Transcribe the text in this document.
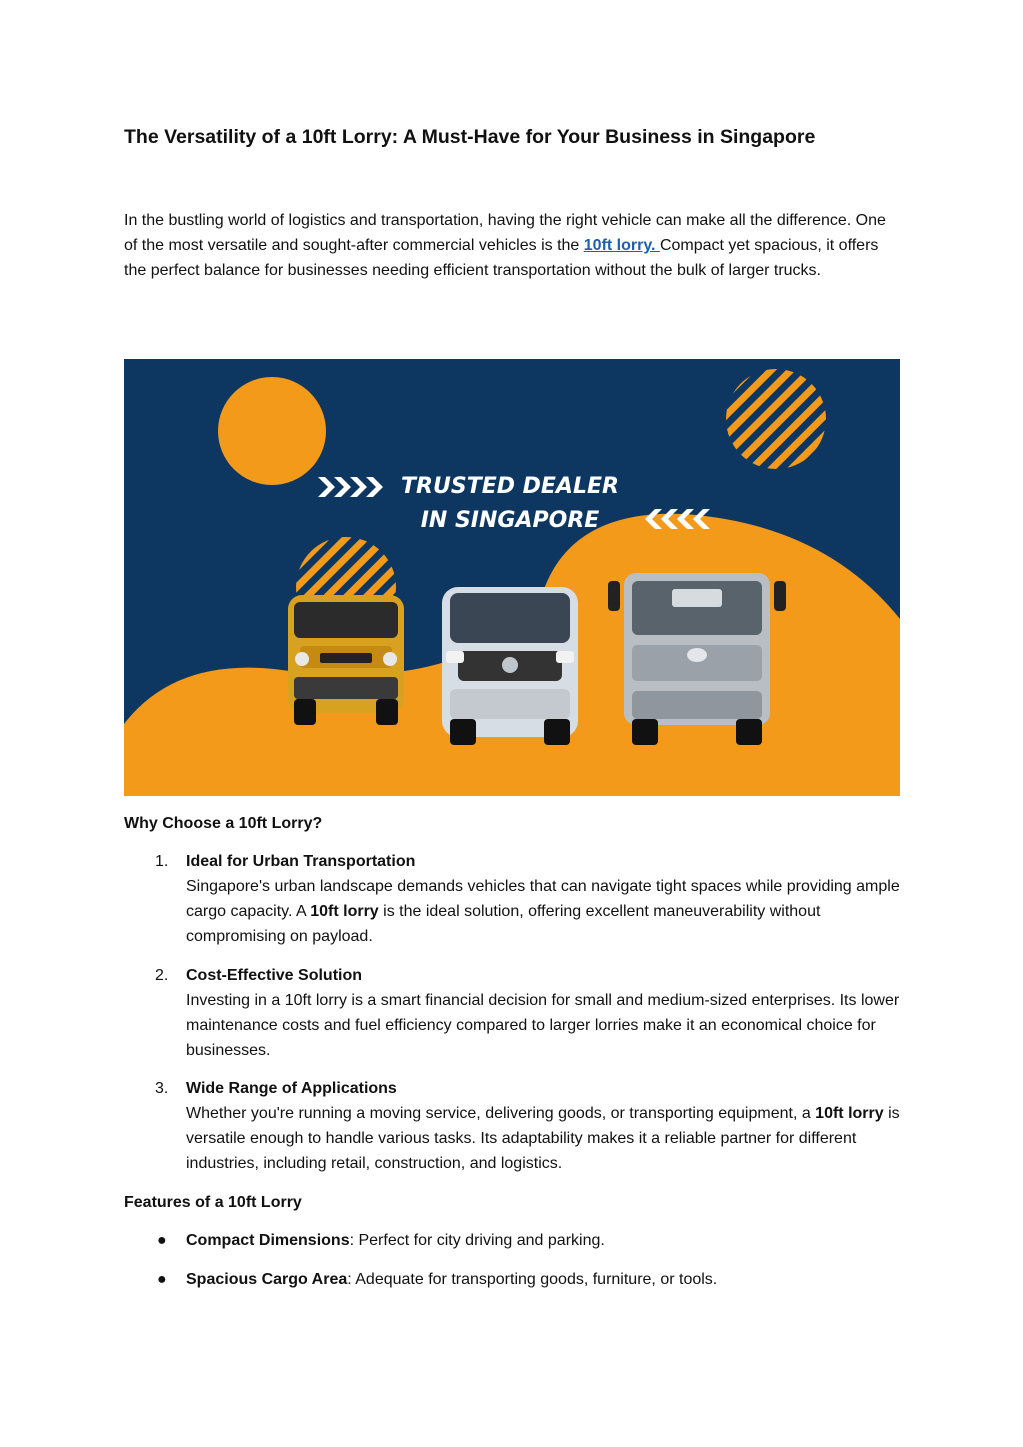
The Versatility of a 10ft Lorry: A Must-Have for Your Business in Singapore

In the bustling world of logistics and transportation, having the right vehicle can make all the difference. One of the most versatile and sought-after commercial vehicles is the 10ft lorry. Compact yet spacious, it offers the perfect balance for businesses needing efficient transportation without the bulk of larger trucks.

TRUSTED DEALER
IN SINGAPORE

Why Choose a 10ft Lorry?

1. Ideal for Urban Transportation
Singapore's urban landscape demands vehicles that can navigate tight spaces while providing ample cargo capacity. A 10ft lorry is the ideal solution, offering excellent maneuverability without compromising on payload.
2. Cost-Effective Solution
Investing in a 10ft lorry is a smart financial decision for small and medium-sized enterprises. Its lower maintenance costs and fuel efficiency compared to larger lorries make it an economical choice for businesses.
3. Wide Range of Applications
Whether you're running a moving service, delivering goods, or transporting equipment, a 10ft lorry is versatile enough to handle various tasks. Its adaptability makes it a reliable partner for different industries, including retail, construction, and logistics.

Features of a 10ft Lorry

● Compact Dimensions: Perfect for city driving and parking.
● Spacious Cargo Area: Adequate for transporting goods, furniture, or tools.
